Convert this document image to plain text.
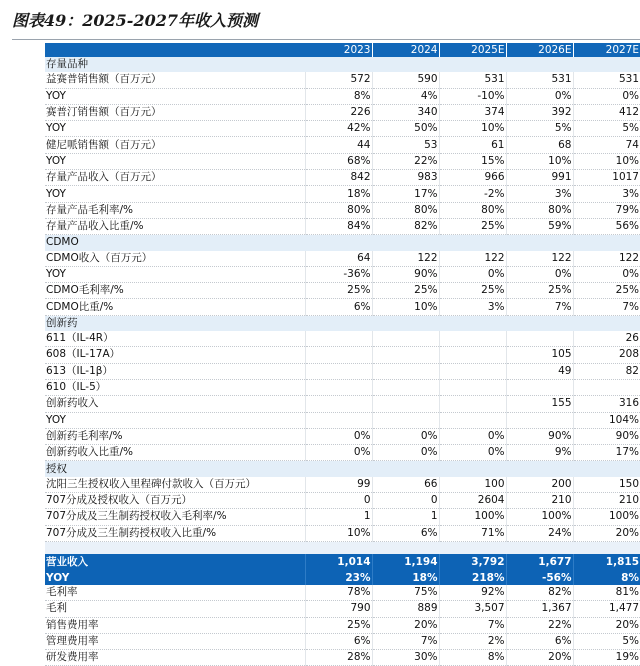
图表49：2025-2027年收入预测
	2023	2024	2025E	2026E	2027E
存量品种					
益赛普销售额（百万元）	572	590	531	531	531
YOY	8%	4%	-10%	0%	0%
赛普汀销售额（百万元）	226	340	374	392	412
YOY	42%	50%	10%	5%	5%
健尼哌销售额（百万元）	44	53	61	68	74
YOY	68%	22%	15%	10%	10%
存量产品收入（百万元）	842	983	966	991	1017
YOY	18%	17%	-2%	3%	3%
存量产品毛利率/%	80%	80%	80%	80%	79%
存量产品收入比重/%	84%	82%	25%	59%	56%
CDMO					
CDMO收入（百万元）	64	122	122	122	122
YOY	-36%	90%	0%	0%	0%
CDMO毛利率/%	25%	25%	25%	25%	25%
CDMO比重/%	6%	10%	3%	7%	7%
创新药					
611（IL-4R）					26
608（IL-17A）				105	208
613（IL-1β）				49	82
610（IL-5）					
创新药收入				155	316
YOY					104%
创新药毛利率/%	0%	0%	0%	90%	90%
创新药收入比重/%	0%	0%	0%	9%	17%
授权					
沈阳三生授权收入里程碑付款收入（百万元）	99	66	100	200	150
707分成及授权收入（百万元）	0	0	2604	210	210
707分成及三生制药授权收入毛利率/%	1	1	100%	100%	100%
707分成及三生制药授权收入比重/%	10%	6%	71%	24%	20%

营业收入	1,014	1,194	3,792	1,677	1,815
YOY	23%	18%	218%	-56%	8%
毛利率	78%	75%	92%	82%	81%
毛利	790	889	3,507	1,367	1,477
销售费用率	25%	20%	7%	22%	20%
管理费用率	6%	7%	2%	6%	5%
研发费用率	28%	30%	8%	20%	19%
